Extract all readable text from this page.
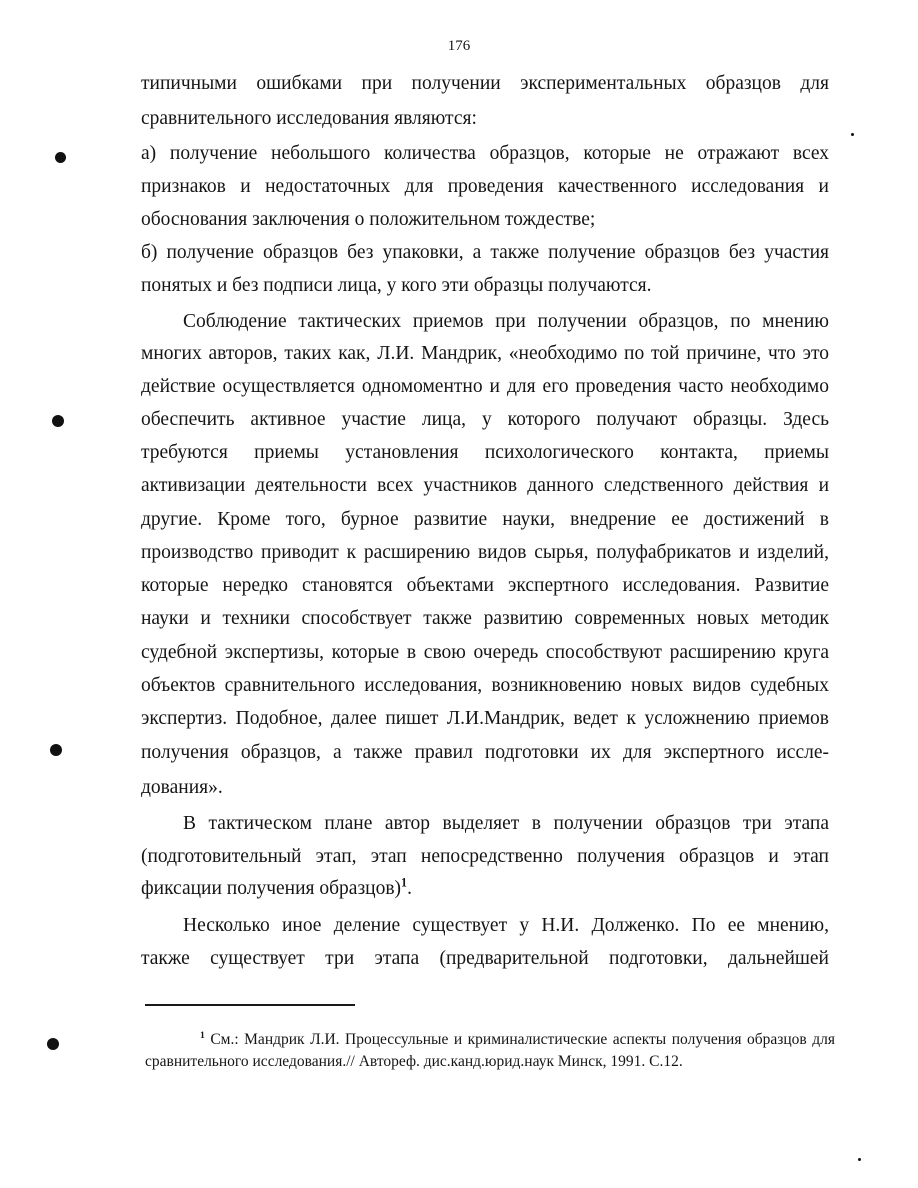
176
типичными ошибками при получении экспериментальных образцов для
сравнительного исследования являются:
а) получение небольшого количества образцов, которые не отражают всех
признаков и недостаточных для проведения качественного исследования и
обоснования заключения о положительном тождестве;
б) получение образцов без упаковки, а также получение образцов без участия
понятых и без подписи лица, у кого эти образцы получаются.
Соблюдение тактических приемов при получении образцов, по мнению
многих авторов, таких как, Л.И. Мандрик, «необходимо по той причине, что это
действие осуществляется одномоментно и для его проведения часто необходимо
обеспечить активное участие лица, у которого получают образцы. Здесь
требуются приемы установления психологического контакта, приемы
активизации деятельности всех участников данного следственного действия и
другие. Кроме того, бурное развитие науки, внедрение ее достижений в
производство приводит к расширению видов сырья, полуфабрикатов и изделий,
которые нередко становятся объектами экспертного исследования. Развитие
науки и техники способствует также развитию современных новых методик
судебной экспертизы, которые в свою очередь способствуют расширению круга
объектов сравнительного исследования, возникновению новых видов судебных
экспертиз. Подобное, далее пишет Л.И.Мандрик, ведет к усложнению приемов
получения образцов, а также правил подготовки их для экспертного иссле-
дования».
В тактическом плане автор выделяет в получении образцов три этапа
(подготовительный этап, этап непосредственно получения образцов и этап
фиксации получения образцов)$^1$.
Несколько иное деление существует у Н.И. Долженко. По ее мнению,
также существует три этапа (предварительной подготовки, дальнейшей
$^1$ См.: Мандрик Л.И. Процессульные и криминалистические аспекты получения образцов для
сравнительного исследования.// Автореф. дис.канд.юрид.наук Минск, 1991. С.12.
